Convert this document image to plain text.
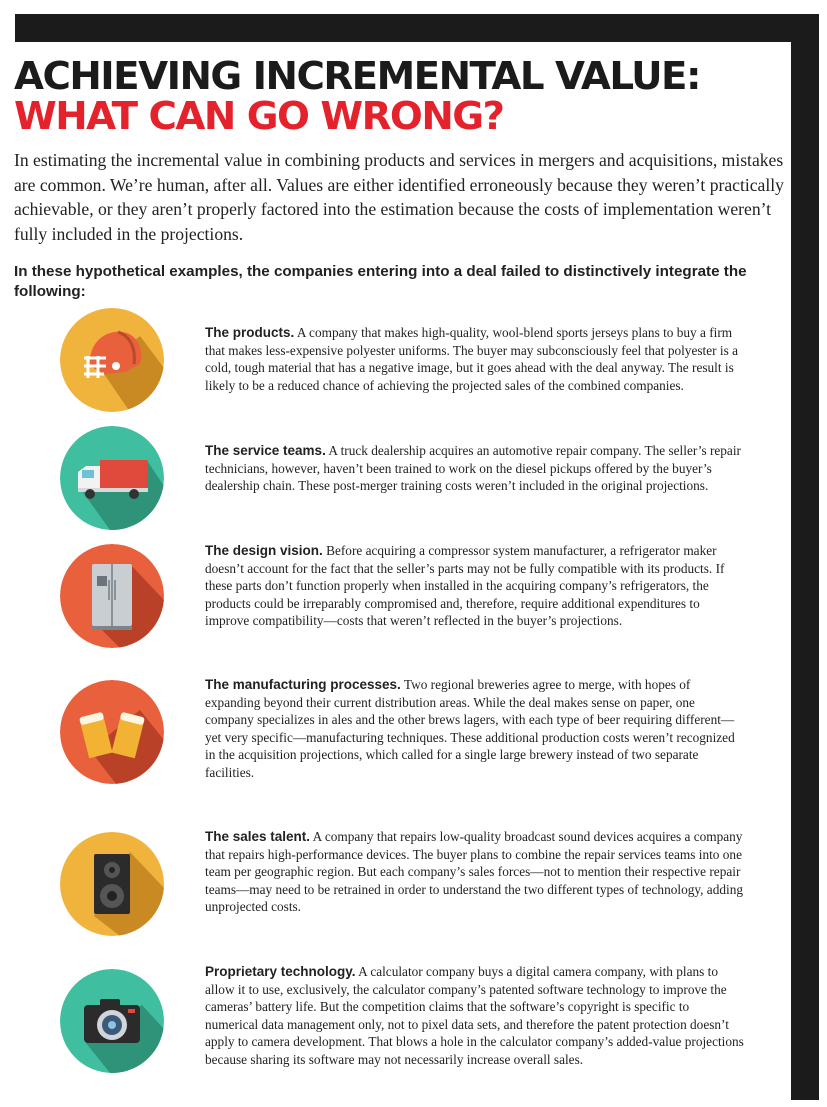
ACHIEVING INCREMENTAL VALUE:
WHAT CAN GO WRONG?

In estimating the incremental value in combining products and services in mergers and acquisitions, mistakes are common. We’re human, after all. Values are either identified erroneously because they weren’t practically achievable, or they aren’t properly factored into the estimation because the costs of implementation weren’t fully included in the projections.

In these hypothetical examples, the companies entering into a deal failed to distinctively integrate the following:

The products. A company that makes high-quality, wool-blend sports jerseys plans to buy a firm that makes less-expensive polyester uniforms. The buyer may subconsciously feel that polyester is a cold, tough material that has a negative image, but it goes ahead with the deal anyway. The result is likely to be a reduced chance of achieving the projected sales of the combined companies.

The service teams. A truck dealership acquires an automotive repair company. The seller’s repair technicians, however, haven’t been trained to work on the diesel pickups offered by the buyer’s dealership chain. These post-merger training costs weren’t included in the original projections.

The design vision. Before acquiring a compressor system manufacturer, a refrigerator maker doesn’t account for the fact that the seller’s parts may not be fully compatible with its products. If these parts don’t function properly when installed in the acquiring company’s refrigerators, the products could be irreparably compromised and, therefore, require additional expenditures to improve compatibility—costs that weren’t reflected in the buyer’s projections.

The manufacturing processes. Two regional breweries agree to merge, with hopes of expanding beyond their current distribution areas. While the deal makes sense on paper, one company specializes in ales and the other brews lagers, with each type of beer requiring different—yet very specific—manufacturing techniques. These additional production costs weren’t recognized in the acquisition projections, which called for a single large brewery instead of two separate facilities.

The sales talent. A company that repairs low-quality broadcast sound devices acquires a company that repairs high-performance devices. The buyer plans to combine the repair services teams into one team per geographic region. But each company’s sales forces—not to mention their respective repair teams—may need to be retrained in order to understand the two different types of technology, adding unprojected costs.

Proprietary technology. A calculator company buys a digital camera company, with plans to allow it to use, exclusively, the calculator company’s patented software technology to improve the cameras’ battery life. But the competition claims that the software’s copyright is specific to numerical data management only, not to pixel data sets, and therefore the patent protection doesn’t apply to camera development. That blows a hole in the calculator company’s added-value projections because sharing its software may not necessarily increase overall sales.
